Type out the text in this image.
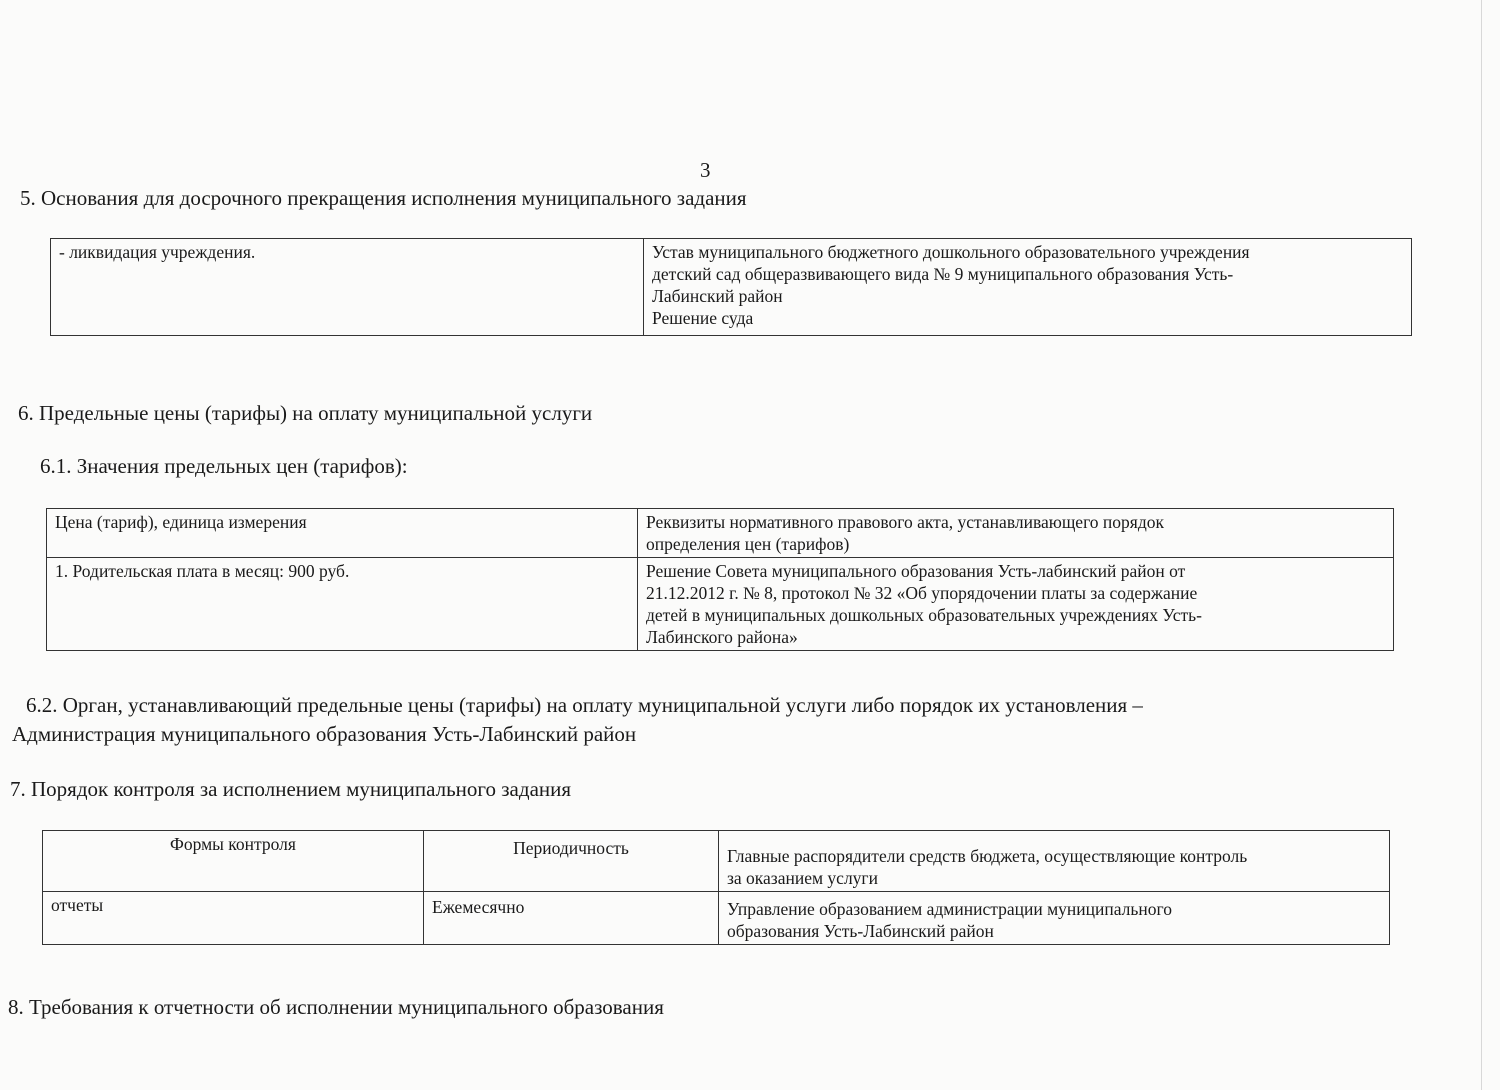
3
5. Основания для досрочного прекращения исполнения муниципального задания
- ликвидация учреждения.	Устав муниципального бюджетного дошкольного образовательного учреждения
детский сад общеразвивающего вида № 9 муниципального образования Усть-
Лабинский район
Решение суда
6. Предельные цены (тарифы) на оплату муниципальной услуги
6.1. Значения предельных цен (тарифов):
Цена (тариф), единица измерения	Реквизиты нормативного правового акта, устанавливающего порядок
определения цен (тарифов)

1. Родительская плата в месяц: 900 руб.	Решение Совета муниципального образования Усть-лабинский район от
21.12.2012 г. № 8, протокол № 32 «Об упорядочении платы за содержание
детей в муниципальных дошкольных образовательных учреждениях Усть-
Лабинского района»
6.2. Орган, устанавливающий предельные цены (тарифы) на оплату муниципальной услуги либо порядок их установления –
Администрация муниципального образования Усть-Лабинский район
7. Порядок контроля за исполнением муниципального задания
Формы контроля	Периодичность	Главные распорядители средств бюджета, осуществляющие контроль
за оказанием услуги

отчеты	Ежемесячно	Управление образованием администрации муниципального
образования Усть-Лабинский район
8. Требования к отчетности об исполнении муниципального образования
